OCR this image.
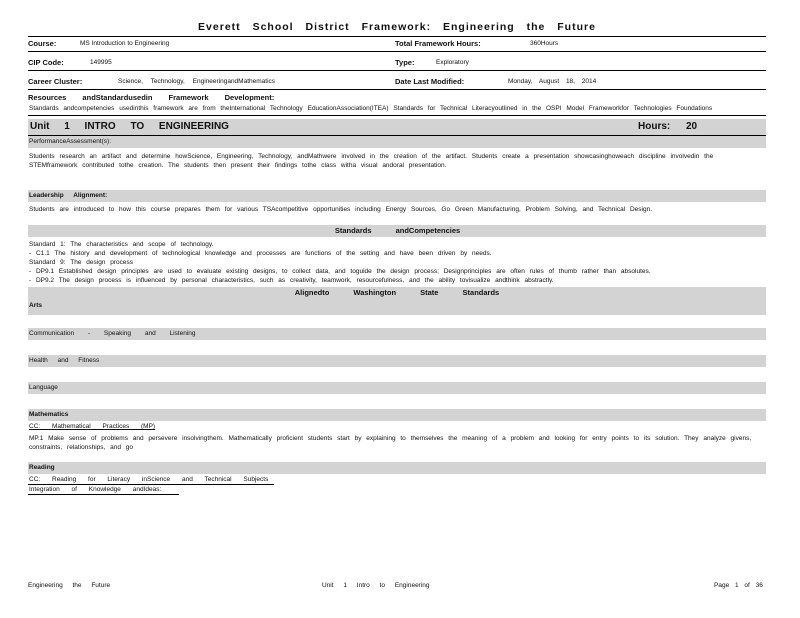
Everett School District Framework: Engineering the Future
Course:	MS Introduction to Engineering	Total Framework Hours:	360Hours
CIP Code:	149995	Type:	Exploratory
Career Cluster:	Science, Technology, EngineeringandMathematics	Date Last Modified:	Monday, August 18, 2014
Resources andStandardusedin Framework Development:
Standards andcompetencies usedinthis framework are from theInternational Technology EducationAssociation(ITEA) Standards for Technical Literacyoutlined in the OSPI Model Frameworkfor Technologies Foundations
Unit 1 INTRO TO ENGINEERING	Hours: 20
PerformanceAssessment(s):
Students research an artifact and determine howScience, Engineering, Technology, andMathwere involved in the creation of the artifact. Students create a presentation showcasinghoweach discipline involvedin the STEMframework contributed tothe creation. The students then present their findings tothe class witha visual andoral presentation.
Leadership Alignment:
Students are introduced to how this course prepares them for various TSAcompetitive opportunities including Energy Sources, Go Green Manufacturing, Problem Solving, and Technical Design.
Standards andCompetencies
Standard 1: The characteristics and scope of technology.
- C1.1 The history and development of technological knowledge and processes are functions of the setting and have been driven by needs.
Standard 9: The design process
- DP9.1 Established design principles are used to evaluate existing designs, to collect data, and toguide the design process; Designprinciples are often rules of thumb rather than absolutes.
- DP9.2 The design process is influenced by personal characteristics, such as creativity, teamwork, resourcefulness, and the ability tovisualize andthink abstractly.
Alignedto Washington State Standards
Arts
Communication - Speaking and Listening
Health and Fitness
Language
Mathematics
CC: Mathematical Practices (MP)
MP.1 Make sense of problems and persevere insolvingthem. Mathematically proficient students start by explaining to themselves the meaning of a problem and looking for entry points to its solution. They analyze givens, constraints, relationships, and go
Reading
CC: Reading for Literacy inScience and Technical Subjects
Integration of Knowledge andIdeas:
Engineering the Future	Unit 1 Intro to Engineering	Page 1 of 36
